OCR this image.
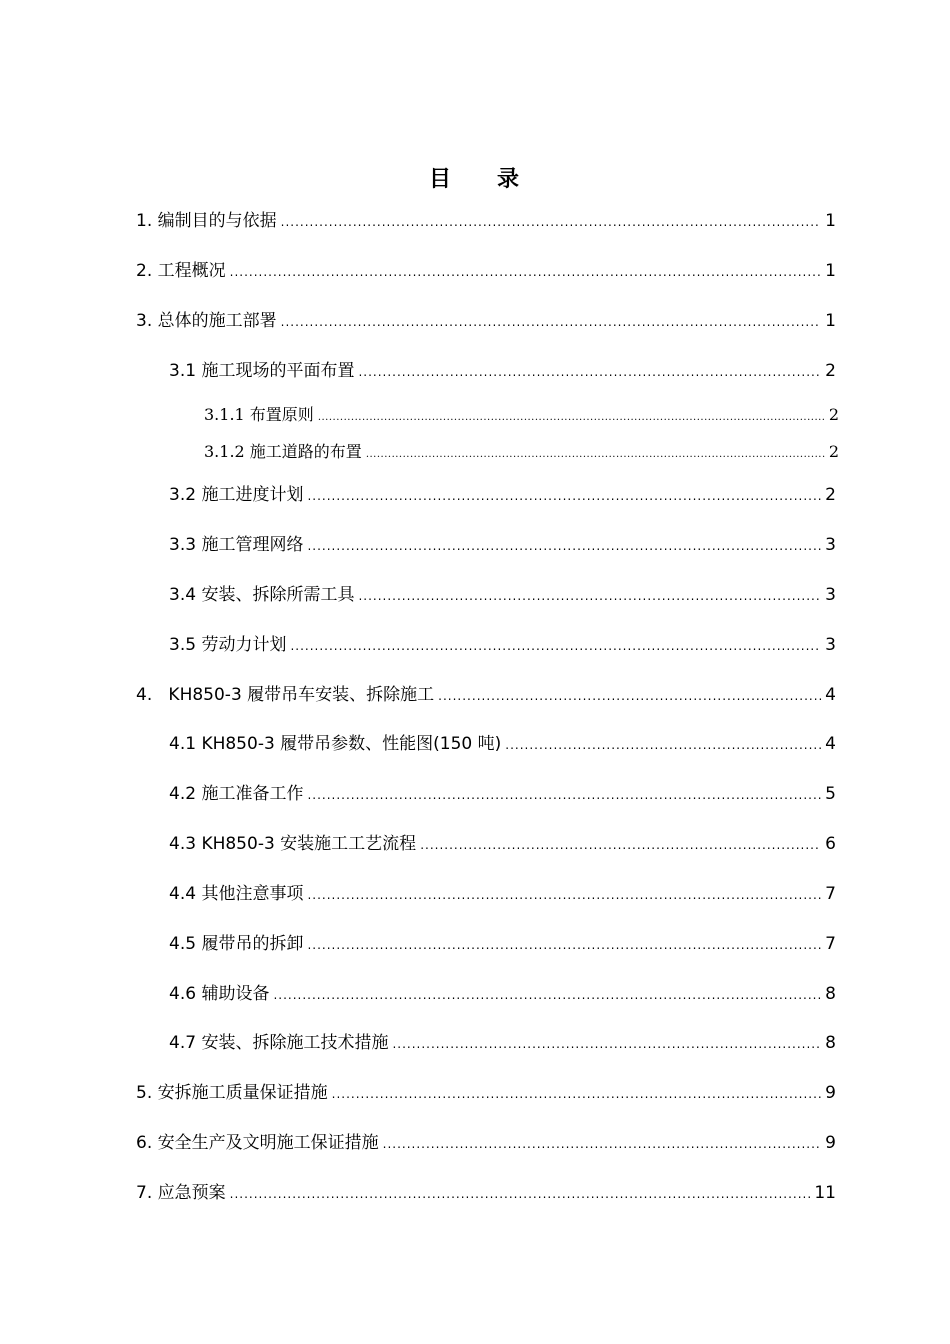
目 录
1. 编制目的与依据 .....	1
2. 工程概况 .....	1
3. 总体的施工部署 .....	1
3.1 施工现场的平面布置 .....	2
3.1.1 布置原则 .....	2
3.1.2 施工道路的布置 .....	2
3.2 施工进度计划 .....	2
3.3 施工管理网络 .....	3
3.4 安装、拆除所需工具 .....	3
3.5 劳动力计划 .....	3
4.   KH850-3 履带吊车安装、拆除施工 .....	4
4.1 KH850-3 履带吊参数、性能图(150 吨) .....	4
4.2 施工准备工作 .....	5
4.3 KH850-3 安装施工工艺流程 .....	6
4.4 其他注意事项 .....	7
4.5 履带吊的拆卸 .....	7
4.6 辅助设备 .....	8
4.7 安装、拆除施工技术措施 .....	8
5. 安拆施工质量保证措施 .....	9
6. 安全生产及文明施工保证措施 .....	9
7. 应急预案 .....	11
